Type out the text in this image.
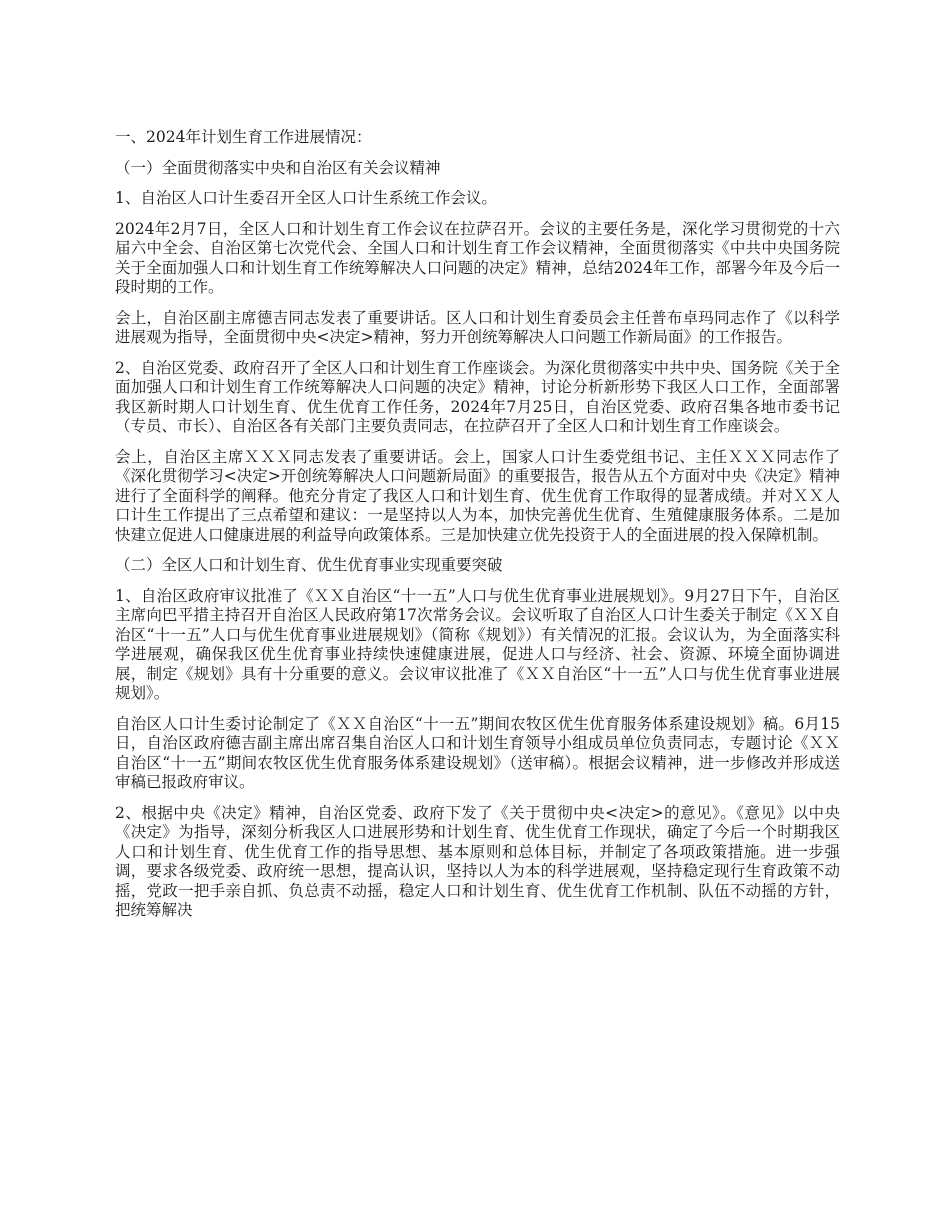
一、2024年计划生育工作进展情况：

（一）全面贯彻落实中央和自治区有关会议精神

1、自治区人口计生委召开全区人口计生系统工作会议。

2024年2月7日，全区人口和计划生育工作会议在拉萨召开。会议的主要任务是，深化学习贯彻党的十六届六中全会、自治区第七次党代会、全国人口和计划生育工作会议精神，全面贯彻落实《中共中央国务院关于全面加强人口和计划生育工作统筹解决人口问题的决定》精神，总结2024年工作，部署今年及今后一段时期的工作。

会上，自治区副主席德吉同志发表了重要讲话。区人口和计划生育委员会主任普布卓玛同志作了《以科学进展观为指导，全面贯彻中央<决定>精神，努力开创统筹解决人口问题工作新局面》的工作报告。

2、自治区党委、政府召开了全区人口和计划生育工作座谈会。为深化贯彻落实中共中央、国务院《关于全面加强人口和计划生育工作统筹解决人口问题的决定》精神，讨论分析新形势下我区人口工作，全面部署我区新时期人口计划生育、优生优育工作任务，2024年7月25日，自治区党委、政府召集各地市委书记（专员、市长）、自治区各有关部门主要负责同志，在拉萨召开了全区人口和计划生育工作座谈会。

会上，自治区主席ＸＸＸ同志发表了重要讲话。会上，国家人口计生委党组书记、主任ＸＸＸ同志作了《深化贯彻学习<决定>开创统筹解决人口问题新局面》的重要报告，报告从五个方面对中央《决定》精神进行了全面科学的阐释。他充分肯定了我区人口和计划生育、优生优育工作取得的显著成绩。并对ＸＸ人口计生工作提出了三点希望和建议：一是坚持以人为本，加快完善优生优育、生殖健康服务体系。二是加快建立促进人口健康进展的利益导向政策体系。三是加快建立优先投资于人的全面进展的投入保障机制。

（二）全区人口和计划生育、优生优育事业实现重要突破

1、自治区政府审议批准了《ＸＸ自治区“十一五”人口与优生优育事业进展规划》。9月27日下午，自治区主席向巴平措主持召开自治区人民政府第17次常务会议。会议听取了自治区人口计生委关于制定《ＸＸ自治区“十一五”人口与优生优育事业进展规划》（简称《规划》）有关情况的汇报。会议认为，为全面落实科学进展观，确保我区优生优育事业持续快速健康进展，促进人口与经济、社会、资源、环境全面协调进展，制定《规划》具有十分重要的意义。会议审议批准了《ＸＸ自治区“十一五”人口与优生优育事业进展规划》。

自治区人口计生委讨论制定了《ＸＸ自治区“十一五”期间农牧区优生优育服务体系建设规划》稿。6月15日，自治区政府德吉副主席出席召集自治区人口和计划生育领导小组成员单位负责同志，专题讨论《ＸＸ自治区“十一五”期间农牧区优生优育服务体系建设规划》（送审稿）。根据会议精神，进一步修改并形成送审稿已报政府审议。

2、根据中央《决定》精神，自治区党委、政府下发了《关于贯彻中央<决定>的意见》。《意见》以中央《决定》为指导，深刻分析我区人口进展形势和计划生育、优生优育工作现状，确定了今后一个时期我区人口和计划生育、优生优育工作的指导思想、基本原则和总体目标，并制定了各项政策措施。进一步强调，要求各级党委、政府统一思想，提高认识，坚持以人为本的科学进展观，坚持稳定现行生育政策不动摇，党政一把手亲自抓、负总责不动摇，稳定人口和计划生育、优生优育工作机制、队伍不动摇的方针，把统筹解决
